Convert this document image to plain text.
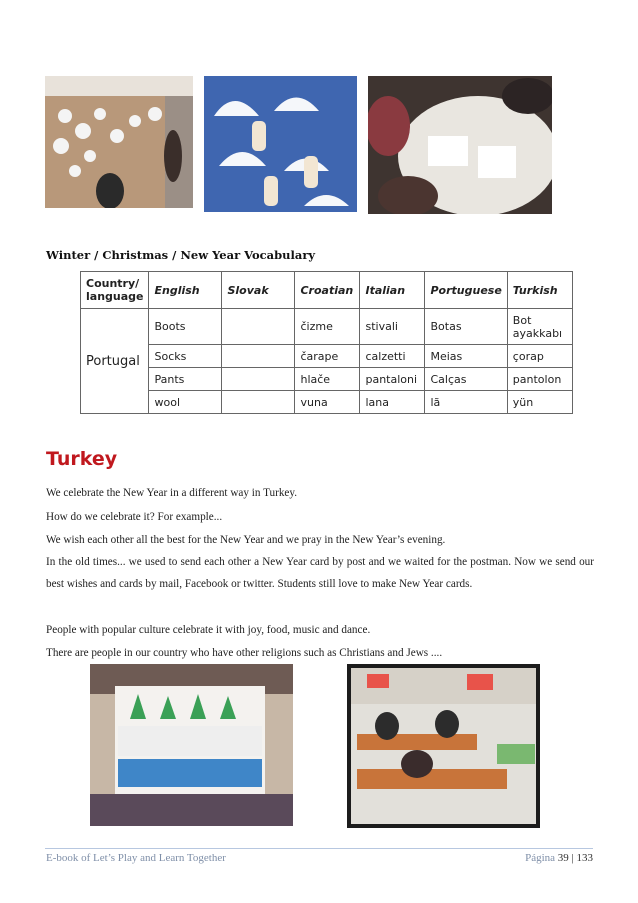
Winter / Christmas / New Year Vocabulary
Country/ language	English	Slovak	Croatian	Italian	Portuguese	Turkish
Portugal	Boots		čizme	stivali	Botas	Bot ayakkabı
	Socks		čarape	calzetti	Meias	çorap
	Pants		hlače	pantaloni	Calças	pantolon
	wool		vuna	lana	lã	yün
Turkey
We celebrate the New Year in a different way in Turkey.
How do we celebrate it? For example...
We wish each other all the best for the New Year and we pray in the New Year’s evening.
In the old times... we used to send each other a New Year card by post and we waited for the postman. Now we send our best wishes and cards by mail, Facebook or twitter. Students still love to make New Year cards.
People with popular culture celebrate it with joy, food, music and dance.
There are people in our country who have other religions such as Christians and Jews ....
E-book of Let’s Play and Learn Together	Página 39 | 133
